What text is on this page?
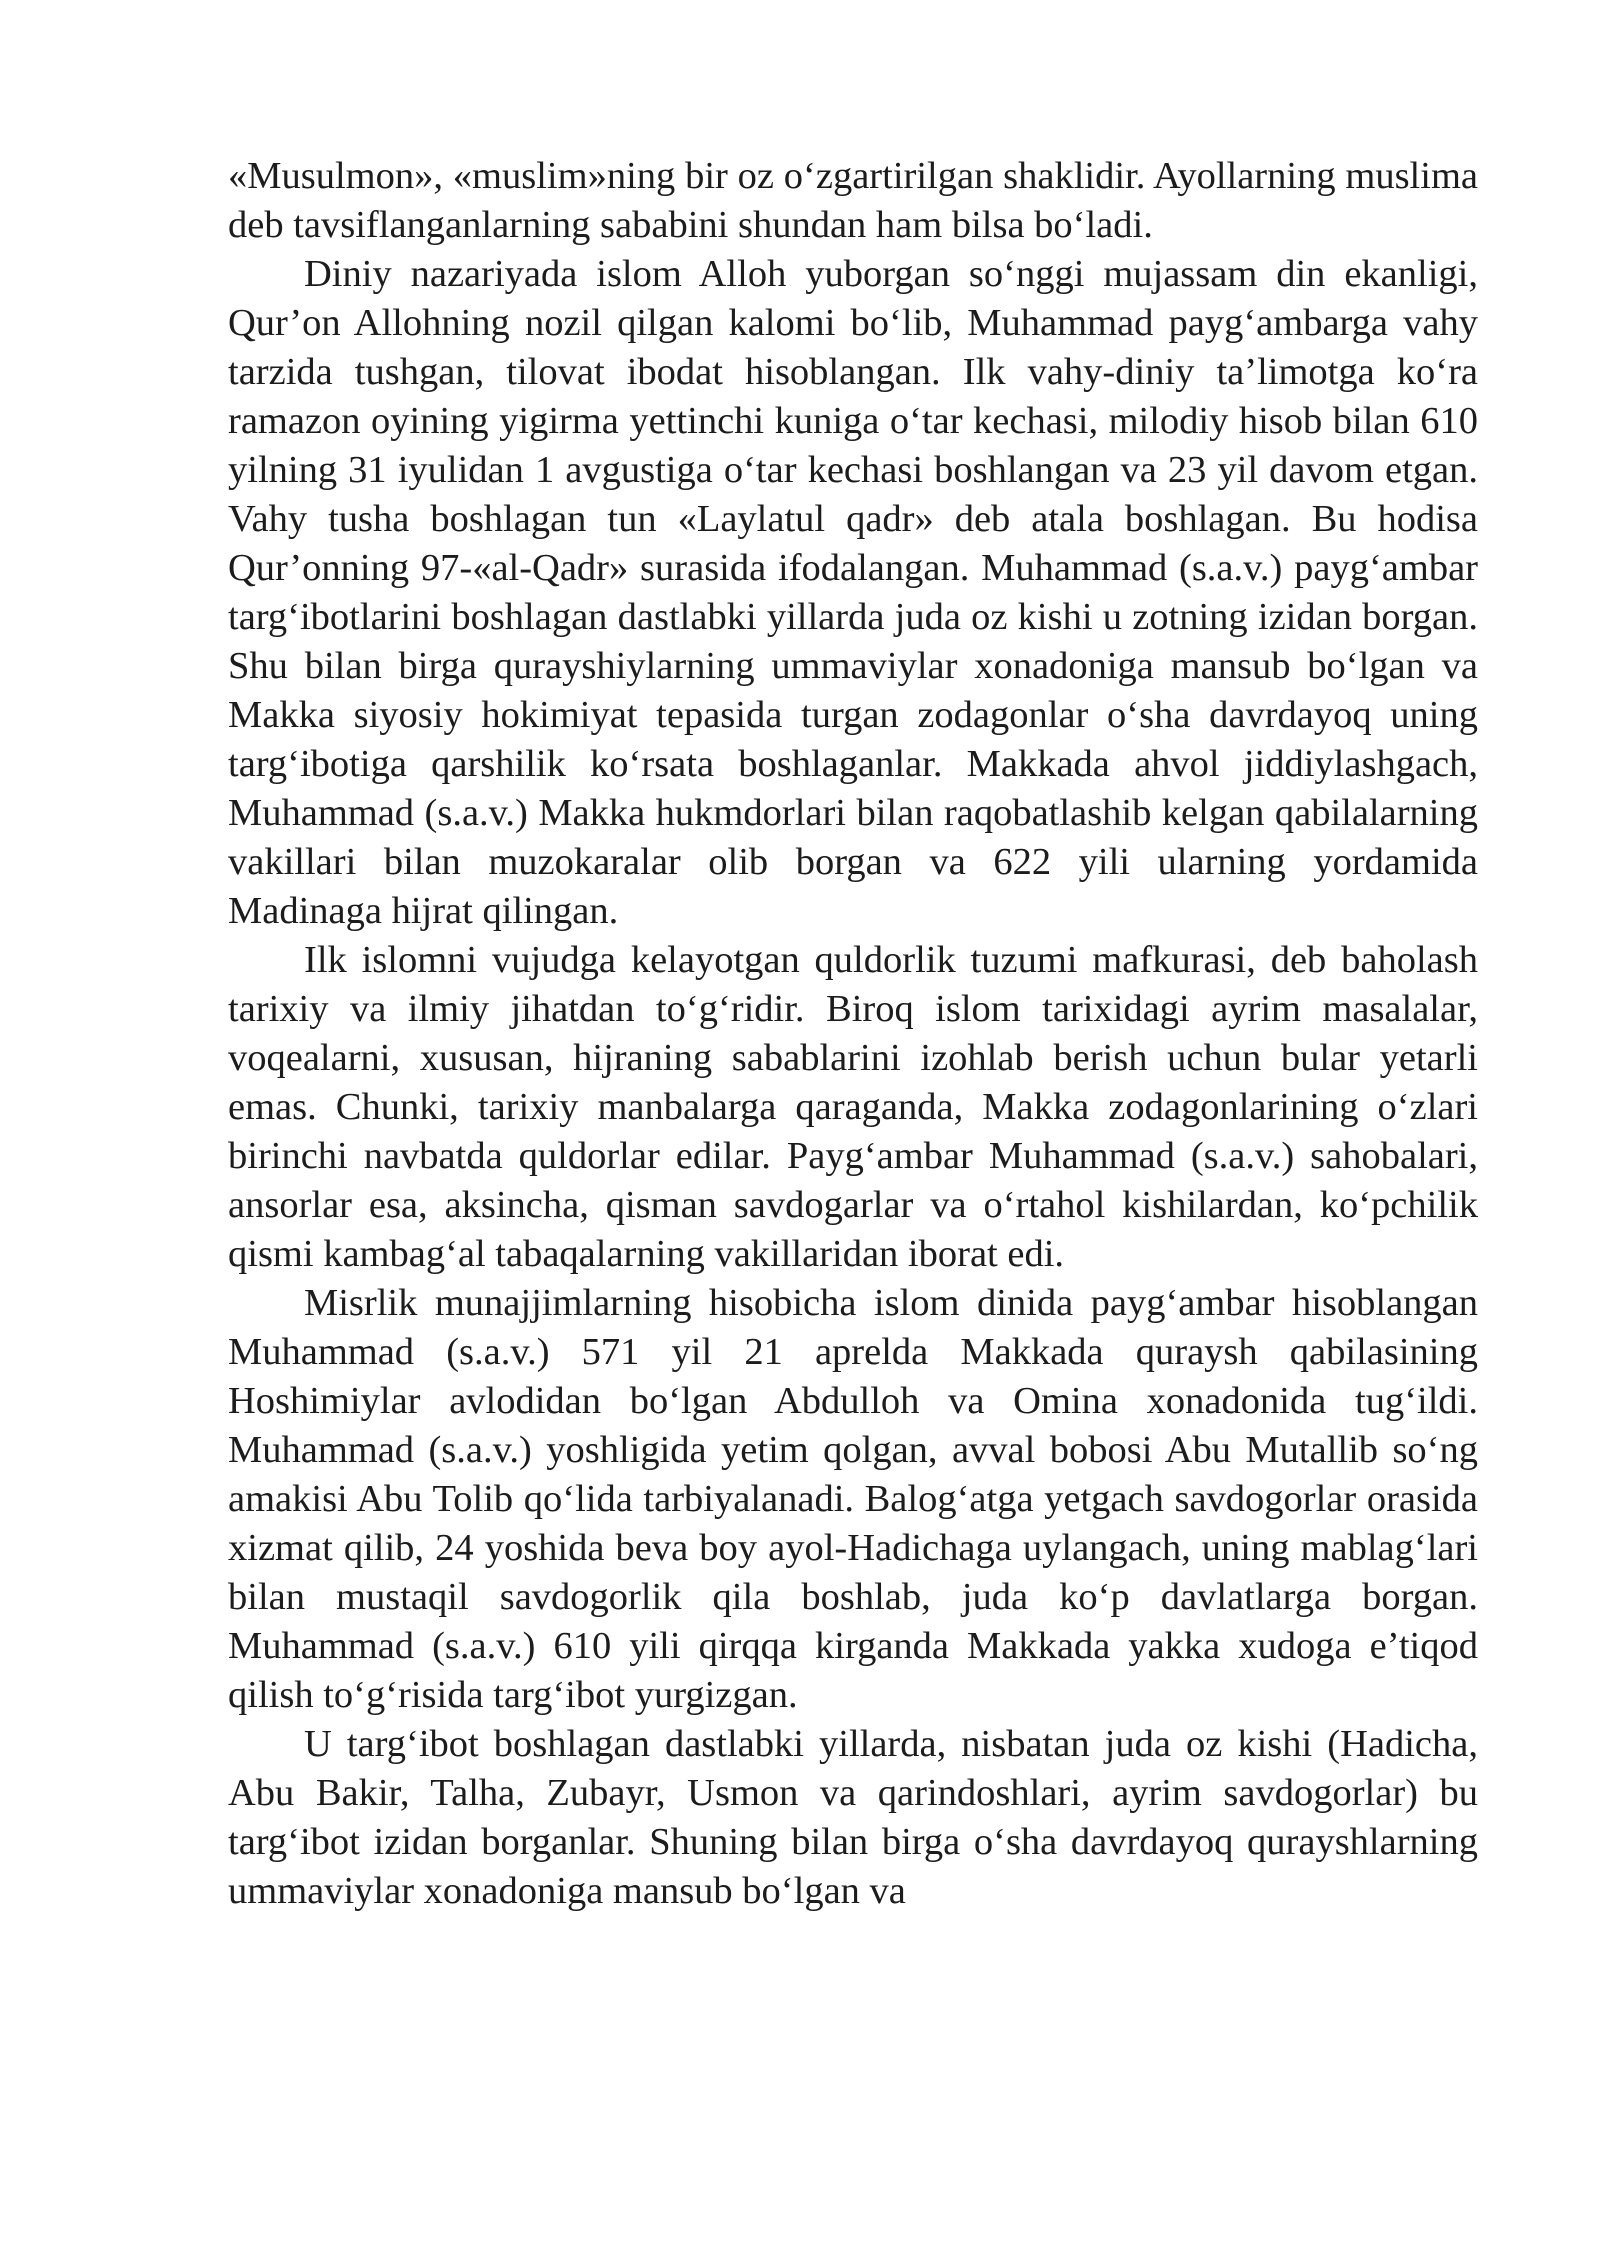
«Musulmon», «muslim»ning bir oz o‘zgartirilgan shaklidir. Ayollarning muslima deb tavsiflanganlarning sababini shundan ham bilsa bo‘ladi.

Diniy nazariyada islom Alloh yuborgan so‘nggi mujassam din ekanligi, Qur’on Allohning nozil qilgan kalomi bo‘lib, Muhammad payg‘ambarga vahy tarzida tushgan, tilovat ibodat hisoblangan. Ilk vahy-diniy ta’limotga ko‘ra ramazon oyining yigirma yettinchi kuniga o‘tar kechasi, milodiy hisob bilan 610 yilning 31 iyulidan 1 avgustiga o‘tar kechasi boshlangan va 23 yil davom etgan. Vahy tusha boshlagan tun «Laylatul qadr» deb atala boshlagan. Bu hodisa Qur’onning 97-«al-Qadr» surasida ifodalangan. Muhammad (s.a.v.) payg‘ambar targ‘ibotlarini boshlagan dastlabki yillarda juda oz kishi u zotning izidan borgan. Shu bilan birga qurayshiylarning ummaviylar xonadoniga mansub bo‘lgan va Makka siyosiy hokimiyat tepasida turgan zodagonlar o‘sha davrdayoq uning targ‘ibotiga qarshilik ko‘rsata boshlaganlar. Makkada ahvol jiddiylashgach, Muhammad (s.a.v.) Makka hukmdorlari bilan raqobatlashib kelgan qabilalarning vakillari bilan muzokaralar olib borgan va 622 yili ularning yordamida Madinaga hijrat qilingan.

Ilk islomni vujudga kelayotgan quldorlik tuzumi mafkurasi, deb baholash tarixiy va ilmiy jihatdan to‘g‘ridir. Biroq islom tarixidagi ayrim masalalar, voqealarni, xususan, hijraning sabablarini izohlab berish uchun bular yetarli emas. Chunki, tarixiy manbalarga qaraganda, Makka zodagonlarining o‘zlari birinchi navbatda quldorlar edilar. Payg‘ambar Muhammad (s.a.v.) sahobalari, ansorlar esa, aksincha, qisman savdogarlar va o‘rtahol kishilardan, ko‘pchilik qismi kambag‘al tabaqalarning vakillaridan iborat edi.

Misrlik munajjimlarning hisobicha islom dinida payg‘ambar hisoblangan Muhammad (s.a.v.) 571 yil 21 aprelda Makkada quraysh qabilasining Hoshimiylar avlodidan bo‘lgan Abdulloh va Omina xonadonida tug‘ildi. Muhammad (s.a.v.) yoshligida yetim qolgan, avval bobosi Abu Mutallib so‘ng amakisi Abu Tolib qo‘lida tarbiyalanadi. Balog‘atga yetgach savdogorlar orasida xizmat qilib, 24 yoshida beva boy ayol-Hadichaga uylangach, uning mablag‘lari bilan mustaqil savdogorlik qila boshlab, juda ko‘p davlatlarga borgan. Muhammad (s.a.v.) 610 yili qirqqa kirganda Makkada yakka xudoga e’tiqod qilish to‘g‘risida targ‘ibot yurgizgan.

U targ‘ibot boshlagan dastlabki yillarda, nisbatan juda oz kishi (Hadicha, Abu Bakir, Talha, Zubayr, Usmon va qarindoshlari, ayrim savdogorlar) bu targ‘ibot izidan borganlar. Shuning bilan birga o‘sha davrdayoq qurayshlarning ummaviylar xonadoniga mansub bo‘lgan va
